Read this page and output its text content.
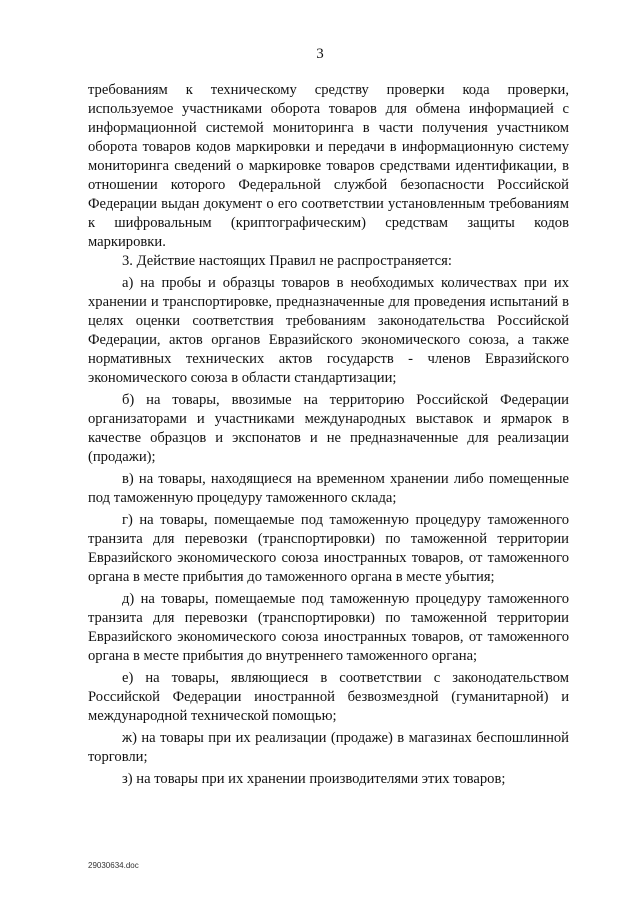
3

требованиям к техническому средству проверки кода проверки, используемое участниками оборота товаров для обмена информацией с информационной системой мониторинга в части получения участником оборота товаров кодов маркировки и передачи в информационную систему мониторинга сведений о маркировке товаров средствами идентификации, в отношении которого Федеральной службой безопасности Российской Федерации выдан документ о его соответствии установленным требованиям к шифровальным (криптографическим) средствам защиты кодов маркировки.

3. Действие настоящих Правил не распространяется:

а) на пробы и образцы товаров в необходимых количествах при их хранении и транспортировке, предназначенные для проведения испытаний в целях оценки соответствия требованиям законодательства Российской Федерации, актов органов Евразийского экономического союза, а также нормативных технических актов государств - членов Евразийского экономического союза в области стандартизации;

б) на товары, ввозимые на территорию Российской Федерации организаторами и участниками международных выставок и ярмарок в качестве образцов и экспонатов и не предназначенные для реализации (продажи);

в) на товары, находящиеся на временном хранении либо помещенные под таможенную процедуру таможенного склада;

г) на товары, помещаемые под таможенную процедуру таможенного транзита для перевозки (транспортировки) по таможенной территории Евразийского экономического союза иностранных товаров, от таможенного органа в месте прибытия до таможенного органа в месте убытия;

д) на товары, помещаемые под таможенную процедуру таможенного транзита для перевозки (транспортировки) по таможенной территории Евразийского экономического союза иностранных товаров, от таможенного органа в месте прибытия до внутреннего таможенного органа;

е) на товары, являющиеся в соответствии с законодательством Российской Федерации иностранной безвозмездной (гуманитарной) и международной технической помощью;

ж) на товары при их реализации (продаже) в магазинах беспошлинной торговли;

з) на товары при их хранении производителями этих товаров;

29030634.doc
